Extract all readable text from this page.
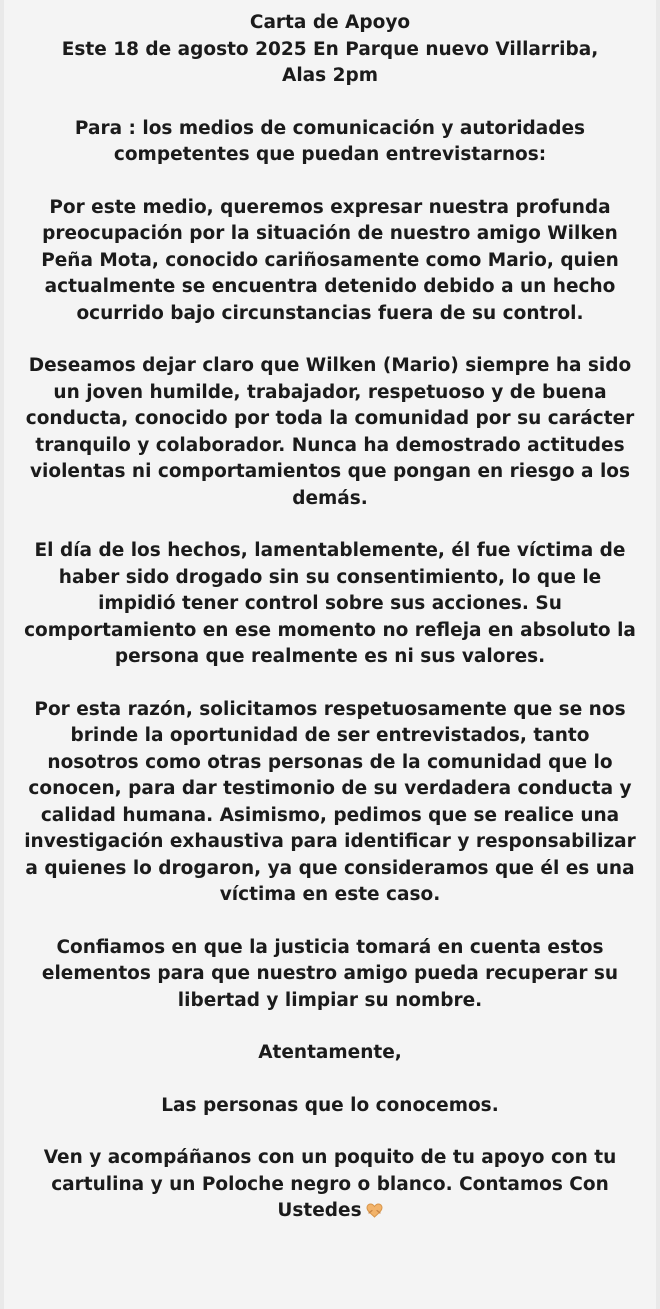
Carta de Apoyo

Este 18 de agosto 2025 En Parque nuevo Villarriba,

Alas 2pm

Para : los medios de comunicación y autoridades competentes que puedan entrevistarnos:

Por este medio, queremos expresar nuestra profunda preocupación por la situación de nuestro amigo Wilken Peña Mota, conocido cariñosamente como Mario, quien actualmente se encuentra detenido debido a un hecho ocurrido bajo circunstancias fuera de su control.

Deseamos dejar claro que Wilken (Mario) siempre ha sido un joven humilde, trabajador, respetuoso y de buena conducta, conocido por toda la comunidad por su carácter tranquilo y colaborador. Nunca ha demostrado actitudes violentas ni comportamientos que pongan en riesgo a los demás.

El día de los hechos, lamentablemente, él fue víctima de haber sido drogado sin su consentimiento, lo que le impidió tener control sobre sus acciones. Su comportamiento en ese momento no refleja en absoluto la persona que realmente es ni sus valores.

Por esta razón, solicitamos respetuosamente que se nos brinde la oportunidad de ser entrevistados, tanto nosotros como otras personas de la comunidad que lo conocen, para dar testimonio de su verdadera conducta y calidad humana. Asimismo, pedimos que se realice una investigación exhaustiva para identificar y responsabilizar a quienes lo drogaron, ya que consideramos que él es una víctima en este caso.

Confiamos en que la justicia tomará en cuenta estos elementos para que nuestro amigo pueda recuperar su libertad y limpiar su nombre.

Atentamente,

Las personas que lo conocemos.

Ven y acompáñanos con un poquito de tu apoyo con tu cartulina y un Poloche negro o blanco. Contamos Con Ustedes
